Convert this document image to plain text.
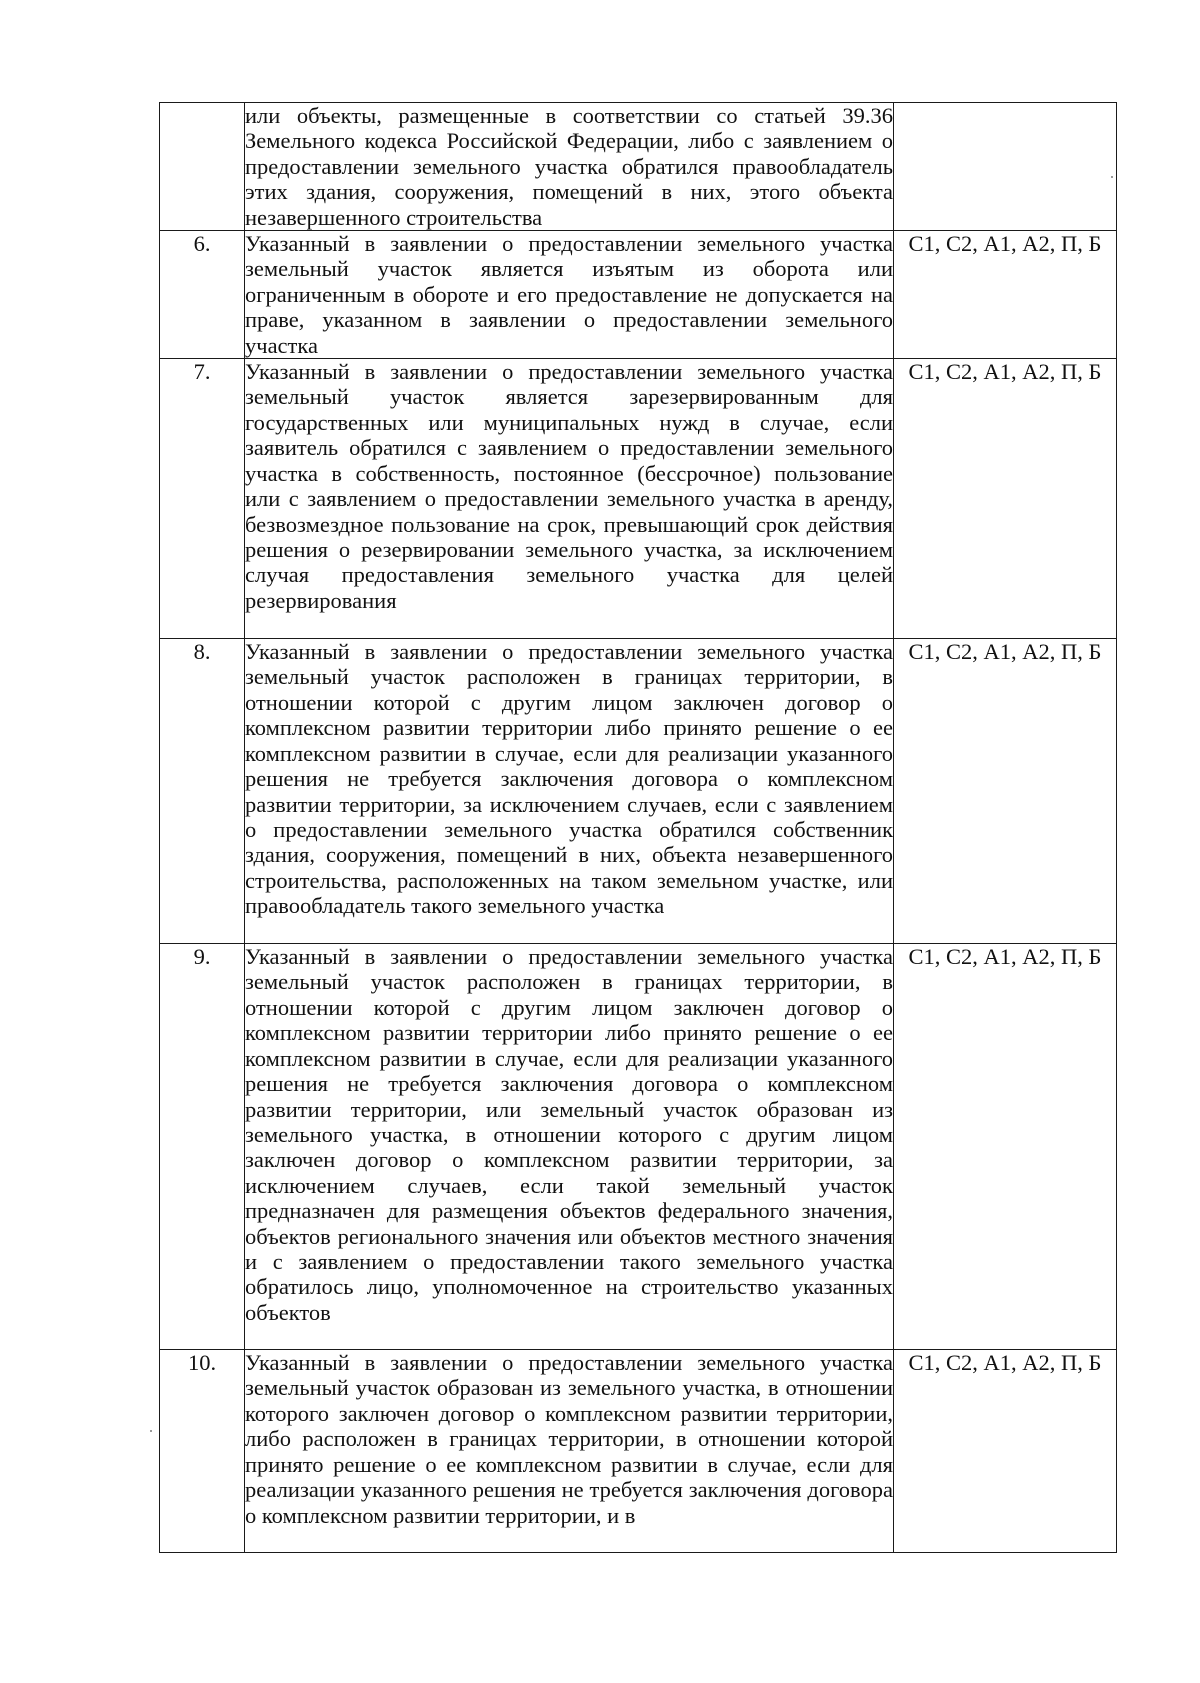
	или объекты, размещенные в соответствии со статьей 39.36 Земельного кодекса Российской Федерации, либо с заявлением о предоставлении земельного участка обратился правообладатель этих здания, сооружения, помещений в них, этого объекта незавершенного строительства	
6.	Указанный в заявлении о предоставлении земельного участка земельный участок является изъятым из оборота или ограниченным в обороте и его предоставление не допускается на праве, указанном в заявлении о предоставлении земельного участка	С1, С2, А1, А2, П, Б
7.	Указанный в заявлении о предоставлении земельного участка земельный участок является зарезервированным для государственных или муниципальных нужд в случае, если заявитель обратился с заявлением о предоставлении земельного участка в собственность, постоянное (бессрочное) пользование или с заявлением о предоставлении земельного участка в аренду, безвозмездное пользование на срок, превышающий срок действия решения о резервировании земельного участка, за исключением случая предоставления земельного участка для целей резервирования	С1, С2, А1, А2, П, Б
8.	Указанный в заявлении о предоставлении земельного участка земельный участок расположен в границах территории, в отношении которой с другим лицом заключен договор о комплексном развитии территории либо принято решение о ее комплексном развитии в случае, если для реализации указанного решения не требуется заключения договора о комплексном развитии территории, за исключением случаев, если с заявлением о предоставлении земельного участка обратился собственник здания, сооружения, помещений в них, объекта незавершенного строительства, расположенных на таком земельном участке, или правообладатель такого земельного участка	С1, С2, А1, А2, П, Б
9.	Указанный в заявлении о предоставлении земельного участка земельный участок расположен в границах территории, в отношении которой с другим лицом заключен договор о комплексном развитии территории либо принято решение о ее комплексном развитии в случае, если для реализации указанного решения не требуется заключения договора о комплексном развитии территории, или земельный участок образован из земельного участка, в отношении которого с другим лицом заключен договор о комплексном развитии территории, за исключением случаев, если такой земельный участок предназначен для размещения объектов федерального значения, объектов регионального значения или объектов местного значения и с заявлением о предоставлении такого земельного участка обратилось лицо, уполномоченное на строительство указанных объектов	С1, С2, А1, А2, П, Б
10.	Указанный в заявлении о предоставлении земельного участка земельный участок образован из земельного участка, в отношении которого заключен договор о комплексном развитии территории, либо расположен в границах территории, в отношении которой принято решение о ее комплексном развитии в случае, если для реализации указанного решения не требуется заключения договора о комплексном развитии территории, и в	С1, С2, А1, А2, П, Б
